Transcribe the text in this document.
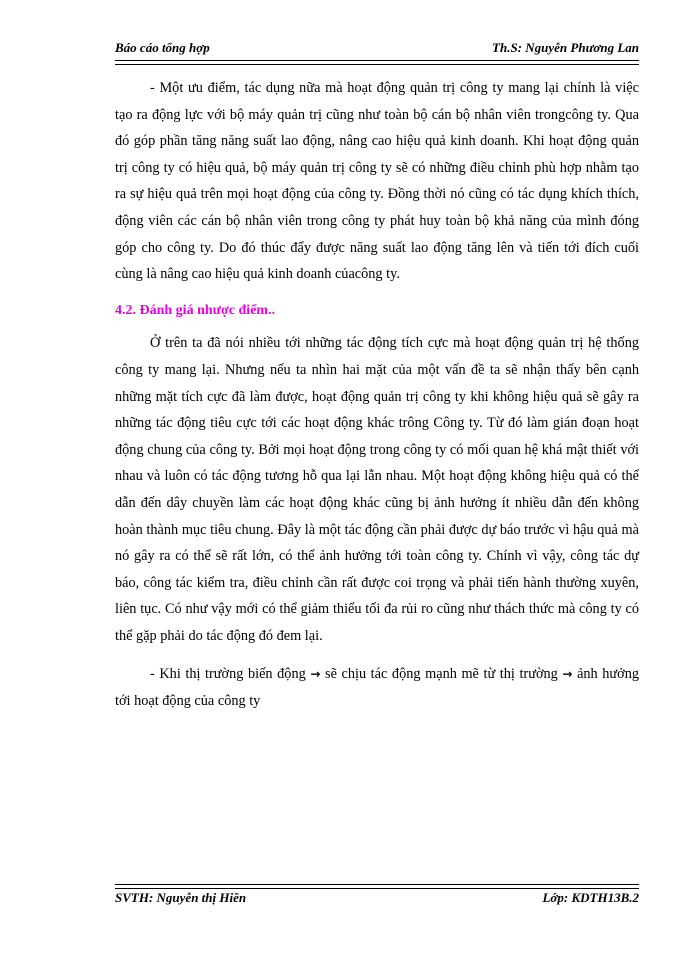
Báo cáo tổng hợp	Th.S: Nguyễn Phương Lan

- Một ưu điểm, tác dụng nữa mà hoạt động quản trị công ty mang lại chính là việc tạo ra động lực với bộ máy quản trị cũng như toàn bộ cán bộ nhân viên trongcông ty. Qua đó góp phần tăng năng suất lao động, nâng cao hiệu quả kinh doanh. Khi hoạt động quản trị công ty có hiệu quả, bộ máy quản trị công ty sẽ có những điều chỉnh phù hợp nhằm tạo ra sự hiệu quả trên mọi hoạt động của công ty. Đồng thời nó cũng có tác dụng khích thích, động viên các cán bộ nhân viên trong công ty phát huy toàn bộ khả năng của mình đóng góp cho công ty. Do đó thúc đẩy được năng suất lao động tăng lên và tiến tới đích cuối cùng là nâng cao hiệu quả kinh doanh củacông ty.

4.2. Đánh giá nhược điểm..

Ở trên ta đã nói nhiều tới những tác động tích cực mà hoạt động quản trị hệ thống công ty mang lại. Nhưng nếu ta nhìn hai mặt của một vấn đề ta sẽ nhận thấy bên cạnh những mặt tích cực đã làm được, hoạt động quản trị công ty khi không hiệu quả sẽ gây ra những tác động tiêu cực tới các hoạt động khác trông Công ty. Từ đó làm gián đoạn hoạt động chung của công ty. Bởi mọi hoạt động trong công ty có mối quan hệ khá mật thiết với nhau và luôn có tác động tương hỗ qua lại lẫn nhau. Một hoạt động không hiệu quả có thể dẫn đến dây chuyền làm các hoạt động khác cũng bị ảnh hưởng ít nhiều dẫn đến không hoàn thành mục tiêu chung. Đây là một tác động cần phải được dự báo trước vì hậu quả mà nó gây ra có thể sẽ rất lớn, có thể ảnh hưởng tới toàn công ty. Chính vì vậy, công tác dự báo, công tác kiểm tra, điều chỉnh cần rất được coi trọng và phải tiến hành thường xuyên, liên tục. Có như vậy mới có thể giảm thiểu tối đa rủi ro cũng như thách thức mà công ty có thể gặp phải do tác động đó đem lại.

- Khi thị trường biến động → sẽ chịu tác động mạnh mẽ từ thị trường → ảnh hưởng tới hoạt động của công ty

SVTH: Nguyễn thị Hiền	Lớp: KDTH13B.2
